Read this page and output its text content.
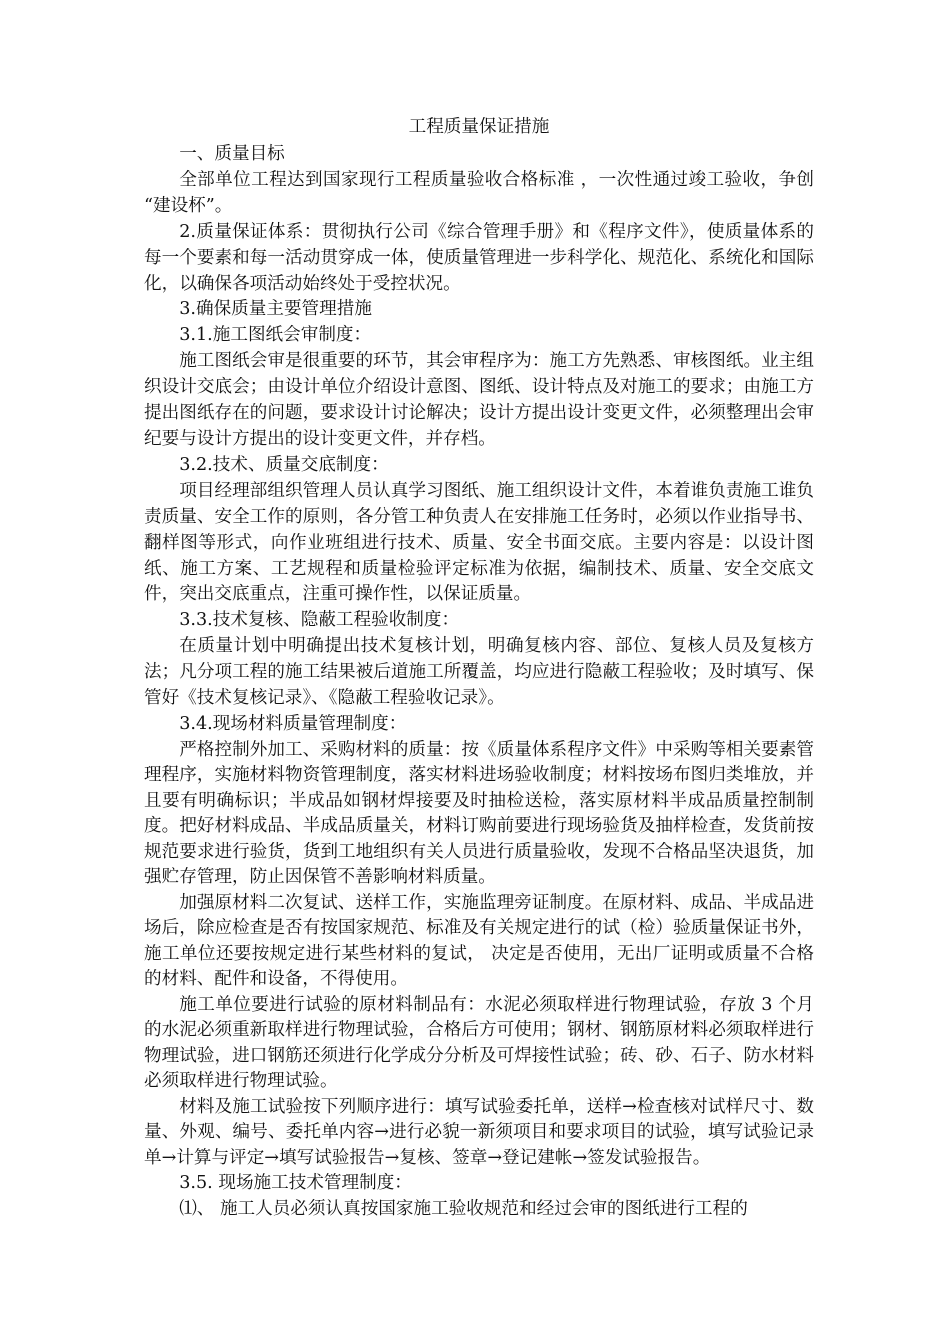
工程质量保证措施

一、质量目标

全部单位工程达到国家现行工程质量验收合格标准 ，一次性通过竣工验收，争创 “建设杯”。

2.质量保证体系：贯彻执行公司《综合管理手册》和《程序文件》，使质量体系的每一个要素和每一活动贯穿成一体，使质量管理进一步科学化、规范化、系统化和国际化，以确保各项活动始终处于受控状况。

3.确保质量主要管理措施

3.1.施工图纸会审制度：

施工图纸会审是很重要的环节，其会审程序为：施工方先熟悉、审核图纸。业主组织设计交底会；由设计单位介绍设计意图、图纸、设计特点及对施工的要求；由施工方提出图纸存在的问题，要求设计讨论解决；设计方提出设计变更文件，必须整理出会审纪要与设计方提出的设计变更文件，并存档。

3.2.技术、质量交底制度：

项目经理部组织管理人员认真学习图纸、施工组织设计文件，本着谁负责施工谁负责质量、安全工作的原则，各分管工种负责人在安排施工任务时，必须以作业指导书、翻样图等形式，向作业班组进行技术、质量、安全书面交底。主要内容是：以设计图纸、施工方案、工艺规程和质量检验评定标准为依据，编制技术、质量、安全交底文件，突出交底重点，注重可操作性，以保证质量。

3.3.技术复核、隐蔽工程验收制度：

在质量计划中明确提出技术复核计划，明确复核内容、部位、复核人员及复核方法；凡分项工程的施工结果被后道施工所覆盖，均应进行隐蔽工程验收；及时填写、保管好《技术复核记录》、《隐蔽工程验收记录》。

3.4.现场材料质量管理制度：

严格控制外加工、采购材料的质量：按《质量体系程序文件》中采购等相关要素管理程序，实施材料物资管理制度，落实材料进场验收制度；材料按场布图归类堆放，并且要有明确标识；半成品如钢材焊接要及时抽检送检，落实原材料半成品质量控制制度。把好材料成品、半成品质量关，材料订购前要进行现场验货及抽样检查，发货前按规范要求进行验货，货到工地组织有关人员进行质量验收，发现不合格品坚决退货，加强贮存管理，防止因保管不善影响材料质量。

加强原材料二次复试、送样工作，实施监理旁证制度。在原材料、成品、半成品进场后，除应检查是否有按国家规范、标准及有关规定进行的试（检）验质量保证书外，施工单位还要按规定进行某些材料的复试， 决定是否使用，无出厂证明或质量不合格的材料、配件和设备，不得使用。

施工单位要进行试验的原材料制品有：水泥必须取样进行物理试验，存放 3 个月的水泥必须重新取样进行物理试验，合格后方可使用；钢材、钢筋原材料必须取样进行物理试验，进口钢筋还须进行化学成分分析及可焊接性试验；砖、砂、石子、防水材料必须取样进行物理试验。

材料及施工试验按下列顺序进行：填写试验委托单，送样→检查核对试样尺寸、数量、外观、编号、委托单内容→进行必貌一新须项目和要求项目的试验，填写试验记录单→计算与评定→填写试验报告→复核、签章→登记建帐→签发试验报告。

3.5. 现场施工技术管理制度：

⑴、 施工人员必须认真按国家施工验收规范和经过会审的图纸进行工程的
